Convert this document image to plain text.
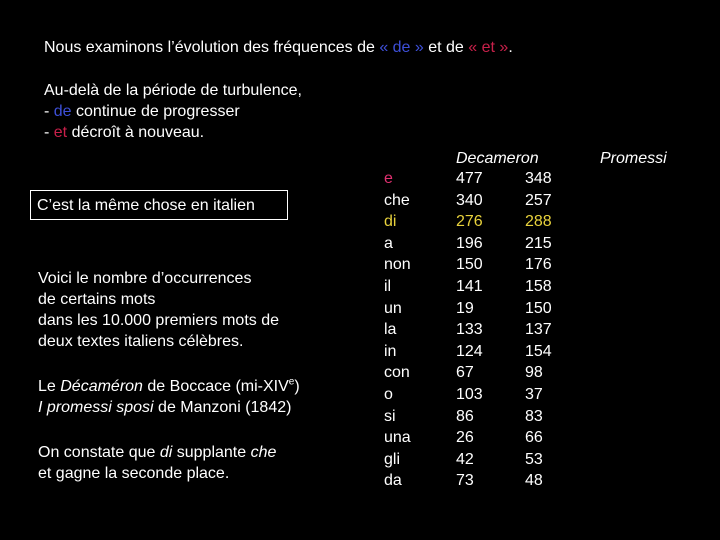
Nous examinons l’évolution des fréquences de « de » et de « et ».
Au-delà de la période de turbulence,
- de continue de progresser
- et décroît à nouveau.
C’est la même chose en italien
Voici le nombre d’occurrences
de certains mots
dans les 10.000 premiers mots de
deux textes italiens célèbres.
Le Décaméron de Boccace (mi-XIVe)
I promessi sposi de Manzoni (1842)
On constate que di supplante che
et gagne la seconde place.
Decameron	Promessi
e
che
di
a
non
il
un
la
in
con
o
si
una
gli
da
477
340
276
196
150
141
19
133
124
67
103
86
26
42
73
348
257
288
215
176
158
150
137
154
98
37
83
66
53
48
